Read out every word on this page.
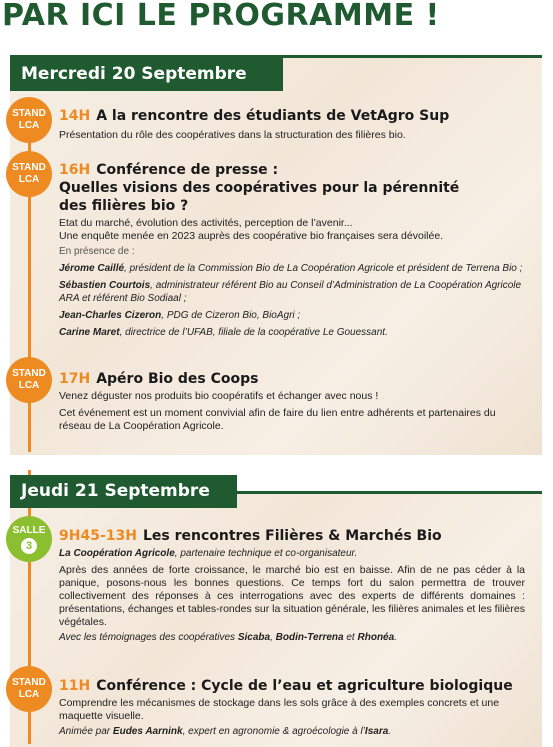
PAR ICI LE PROGRAMME !
Mercredi 20 Septembre
Jeudi 21 Septembre
STAND
LCA
14H A la rencontre des étudiants de VetAgro Sup

Présentation du rôle des coopératives dans la structuration des filières bio.

STAND
LCA
16H Conférence de presse :
Quelles visions des coopératives pour la pérennité
des filières bio ?

Etat du marché, évolution des activités, perception de l’avenir...

Une enquête menée en 2023 auprès des coopérative bio françaises sera dévoilée.

En présence de :

Jérome Caillé, président de la Commission Bio de La Coopération Agricole et président de Terrena Bio ;

Sébastien Courtois, administrateur référent Bio au Conseil d’Administration de La Coopération Agricole ARA et référent Bio Sodiaal ;

Jean-Charles Cizeron, PDG de Cizeron Bio, BioAgri ;

Carine Maret, directrice de l’UFAB, filiale de la coopérative Le Gouessant.

STAND
LCA 17H Apéro Bio des Coops

Venez déguster nos produits bio coopératifs et échanger avec nous !

Cet événement est un moment convivial afin de faire du lien entre adhérents et partenaires du réseau de La Coopération Agricole.

SALLE
3
9H45-13H Les rencontres Filières & Marchés Bio

La Coopération Agricole, partenaire technique et co-organisateur.

Après des années de forte croissance, le marché bio est en baisse. Afin de ne pas céder à la panique, posons-nous les bonnes questions. Ce temps fort du salon permettra de trouver collectivement des réponses à ces interrogations avec des experts de différents domaines : présentations, échanges et tables-rondes sur la situation générale, les filières animales et les filières végétales.

Avec les témoignages des coopératives Sicaba, Bodin-Terrena et Rhonéa.

STAND
LCA
11H Conférence : Cycle de l’eau et agriculture biologique

Comprendre les mécanismes de stockage dans les sols grâce à des exemples concrets et une maquette visuelle.

Animée par Eudes Aarnink, expert en agronomie & agroécologie à l’Isara.
